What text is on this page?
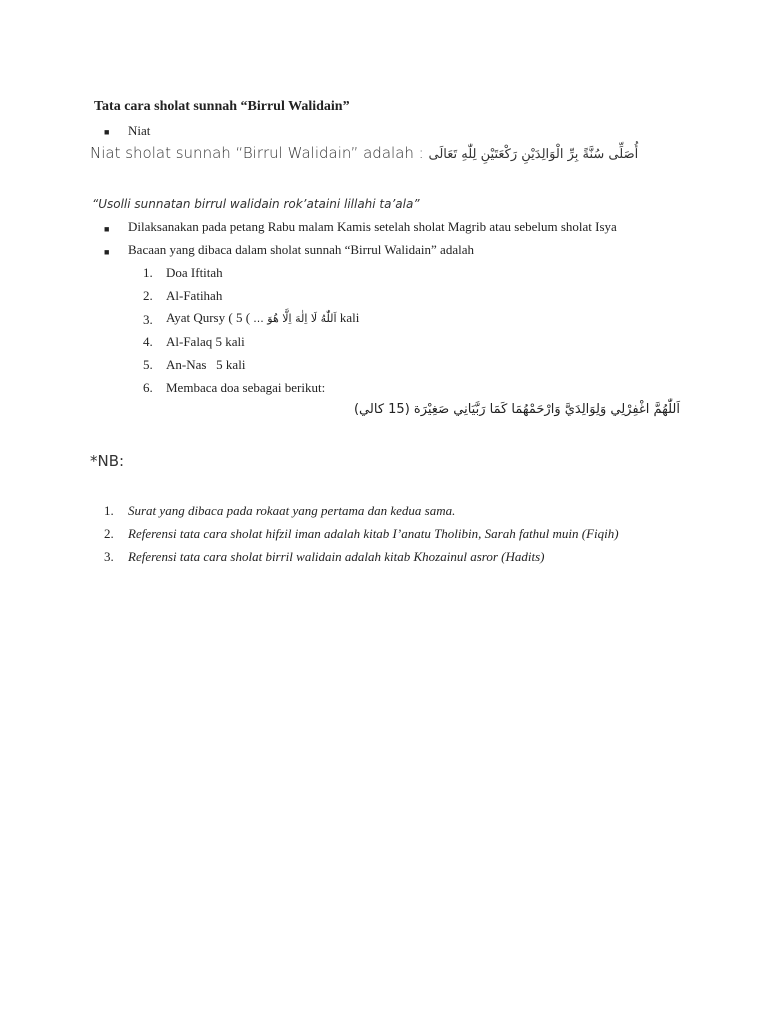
Tata cara sholat sunnah “Birrul Walidain”
■ Niat
Niat sholat sunnah “Birrul Walidain” adalah : أُصَلِّى سُنَّةً بِرِّ الْوَالِدَيْنِ رَكْعَتَيْنِ لِلّٰهِ تَعَالَى
“Usolli sunnatan birrul walidain rok’ataini lillahi ta’ala”
■ Dilaksanakan pada petang Rabu malam Kamis setelah sholat Magrib atau sebelum sholat Isya
■ Bacaan yang dibaca dalam sholat sunnah “Birrul Walidain” adalah
1. Doa Iftitah
2. Al-Fatihah
3. Ayat Qursy ( اَللّٰهُ لَا اِلٰهَ اِلَّا هُوَ ... ) 5 kali
4. Al-Falaq 5 kali
5. An-Nas   5 kali
6. Membaca doa sebagai berikut:
اَللّٰهُمَّ اغْفِرْلِي وَلِوَالِدَيَّ وَارْحَمْهُمَا كَمَا رَبَّيَانِي صَغِيْرَة (15 كالي)
*NB:
1. Surat yang dibaca pada rokaat yang pertama dan kedua sama.
2. Referensi tata cara sholat hifzil iman adalah kitab I’anatu Tholibin, Sarah fathul muin (Fiqih)
3. Referensi tata cara sholat birril walidain adalah kitab Khozainul asror (Hadits)
